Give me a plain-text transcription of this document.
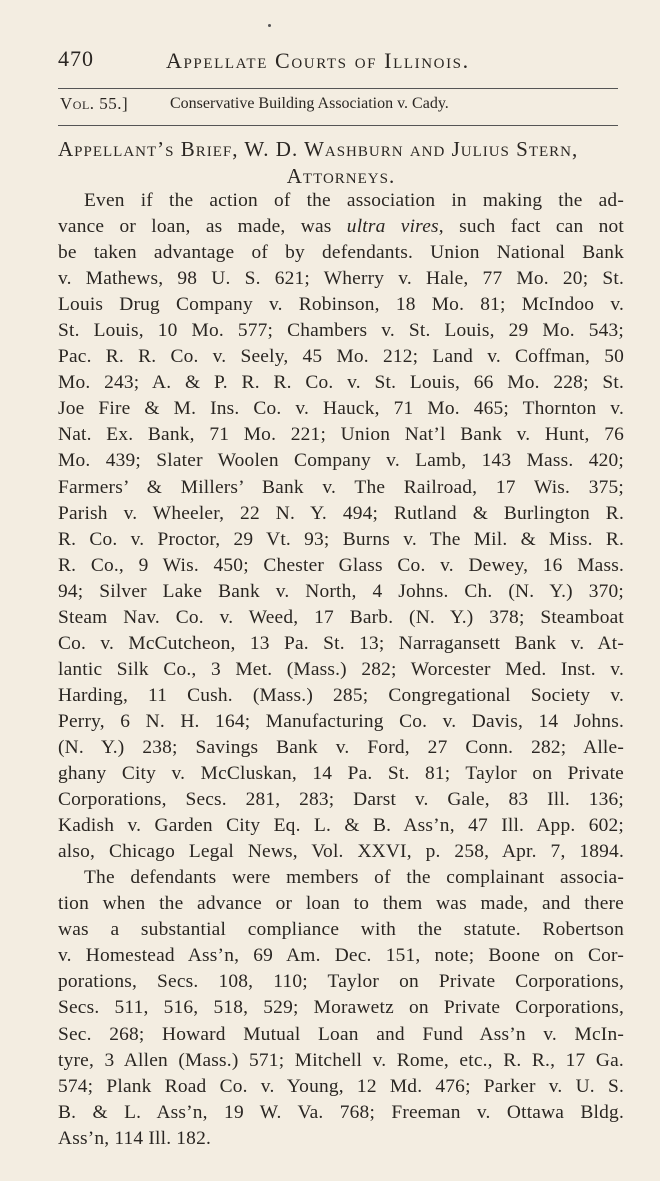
470	Appellate Courts of Illinois.
Vol. 55.]	Conservative Building Association v. Cady.
Appellant’s Brief, W. D. Washburn and Julius Stern,
Attorneys.
Even if the action of the association in making the ad-
vance or loan, as made, was ultra vires, such fact can not
be taken advantage of by defendants. Union National Bank
v. Mathews, 98 U. S. 621; Wherry v. Hale, 77 Mo. 20; St.
Louis Drug Company v. Robinson, 18 Mo. 81; McIndoo v.
St. Louis, 10 Mo. 577; Chambers v. St. Louis, 29 Mo. 543;
Pac. R. R. Co. v. Seely, 45 Mo. 212; Land v. Coffman, 50
Mo. 243; A. & P. R. R. Co. v. St. Louis, 66 Mo. 228; St.
Joe Fire & M. Ins. Co. v. Hauck, 71 Mo. 465; Thornton v.
Nat. Ex. Bank, 71 Mo. 221; Union Nat’l Bank v. Hunt, 76
Mo. 439; Slater Woolen Company v. Lamb, 143 Mass. 420;
Farmers’ & Millers’ Bank v. The Railroad, 17 Wis. 375;
Parish v. Wheeler, 22 N. Y. 494; Rutland & Burlington R.
R. Co. v. Proctor, 29 Vt. 93; Burns v. The Mil. & Miss. R.
R. Co., 9 Wis. 450; Chester Glass Co. v. Dewey, 16 Mass.
94; Silver Lake Bank v. North, 4 Johns. Ch. (N. Y.) 370;
Steam Nav. Co. v. Weed, 17 Barb. (N. Y.) 378; Steamboat
Co. v. McCutcheon, 13 Pa. St. 13; Narragansett Bank v. At-
lantic Silk Co., 3 Met. (Mass.) 282; Worcester Med. Inst. v.
Harding, 11 Cush. (Mass.) 285; Congregational Society v.
Perry, 6 N. H. 164; Manufacturing Co. v. Davis, 14 Johns.
(N. Y.) 238; Savings Bank v. Ford, 27 Conn. 282; Alle-
ghany City v. McCluskan, 14 Pa. St. 81; Taylor on Private
Corporations, Secs. 281, 283; Darst v. Gale, 83 Ill. 136;
Kadish v. Garden City Eq. L. & B. Ass’n, 47 Ill. App. 602;
also, Chicago Legal News, Vol. XXVI, p. 258, Apr. 7, 1894.
The defendants were members of the complainant associa-
tion when the advance or loan to them was made, and there
was a substantial compliance with the statute. Robertson
v. Homestead Ass’n, 69 Am. Dec. 151, note; Boone on Cor-
porations, Secs. 108, 110; Taylor on Private Corporations,
Secs. 511, 516, 518, 529; Morawetz on Private Corporations,
Sec. 268; Howard Mutual Loan and Fund Ass’n v. McIn-
tyre, 3 Allen (Mass.) 571; Mitchell v. Rome, etc., R. R., 17 Ga.
574; Plank Road Co. v. Young, 12 Md. 476; Parker v. U. S.
B. & L. Ass’n, 19 W. Va. 768; Freeman v. Ottawa Bldg.
Ass’n, 114 Ill. 182.
